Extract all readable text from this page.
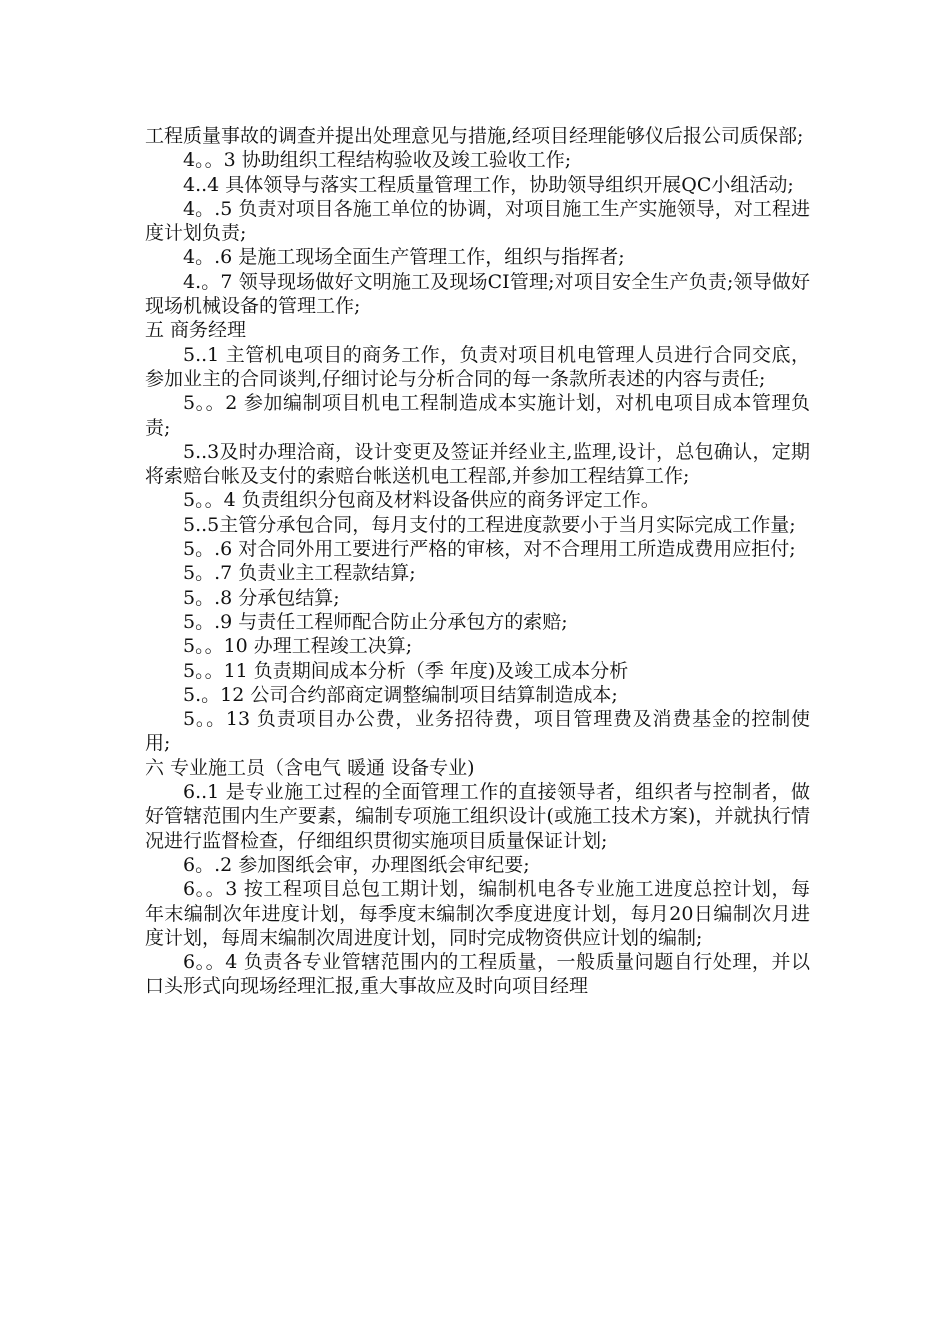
工程质量事故的调查并提出处理意见与措施,经项目经理能够仪后报公司质保部;

4。。3 协助组织工程结构验收及竣工验收工作;

4..4 具体领导与落实工程质量管理工作，协助领导组织开展QC小组活动;

4。.5 负责对项目各施工单位的协调，对项目施工生产实施领导，对工程进度计划负责;

4。.6 是施工现场全面生产管理工作，组织与指挥者;

4.。7 领导现场做好文明施工及现场CI管理;对项目安全生产负责;领导做好现场机械设备的管理工作;

五 商务经理

5..1 主管机电项目的商务工作，负责对项目机电管理人员进行合同交底，参加业主的合同谈判,仔细讨论与分析合同的每一条款所表述的内容与责任;

5。。2 参加编制项目机电工程制造成本实施计划，对机电项目成本管理负责;

5..3及时办理洽商，设计变更及签证并经业主,监理,设计，总包确认，定期将索赔台帐及支付的索赔台帐送机电工程部,并参加工程结算工作;

5。。4 负责组织分包商及材料设备供应的商务评定工作。

5..5主管分承包合同，每月支付的工程进度款要小于当月实际完成工作量;

5。.6 对合同外用工要进行严格的审核，对不合理用工所造成费用应拒付;

5。.7 负责业主工程款结算;

5。.8 分承包结算;

5。.9 与责任工程师配合防止分承包方的索赔;

5。。10 办理工程竣工决算;

5。。11 负责期间成本分析（季 年度)及竣工成本分析

5.。12 公司合约部商定调整编制项目结算制造成本;

5。。13 负责项目办公费，业务招待费，项目管理费及消费基金的控制使用;

六 专业施工员（含电气 暖通 设备专业)

6..1 是专业施工过程的全面管理工作的直接领导者，组织者与控制者，做好管辖范围内生产要素，编制专项施工组织设计(或施工技术方案)，并就执行情况进行监督检查，仔细组织贯彻实施项目质量保证计划;

6。.2 参加图纸会审，办理图纸会审纪要;

6。。3 按工程项目总包工期计划，编制机电各专业施工进度总控计划，每年末编制次年进度计划，每季度末编制次季度进度计划，每月20日编制次月进度计划，每周末编制次周进度计划，同时完成物资供应计划的编制;

6。。4 负责各专业管辖范围内的工程质量，一般质量问题自行处理，并以口头形式向现场经理汇报,重大事故应及时向项目经理
